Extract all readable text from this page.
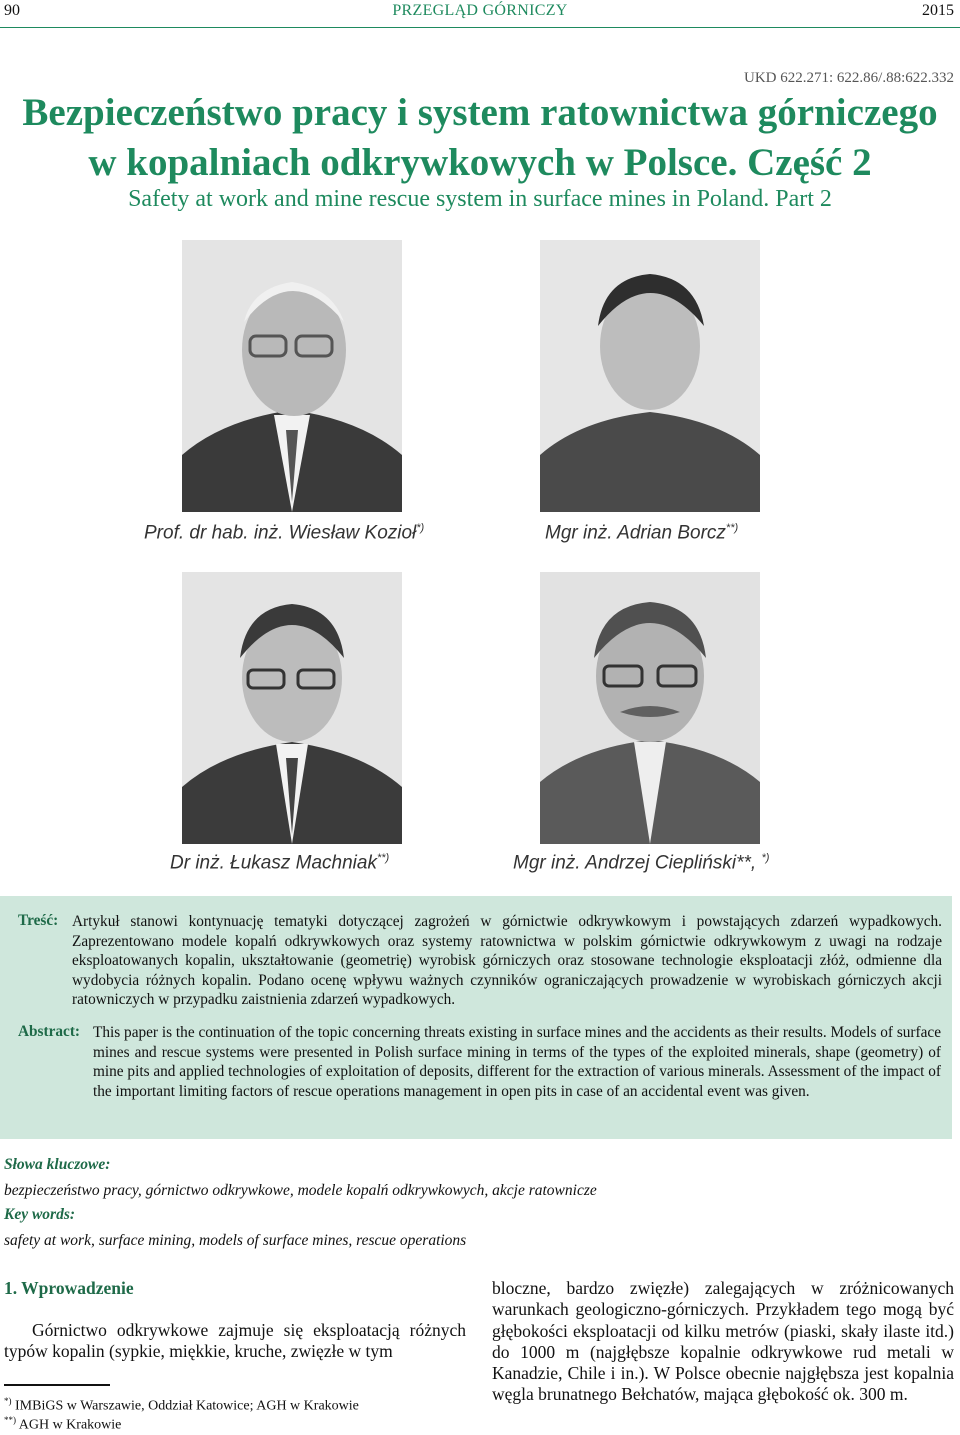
90	PRZEGLĄD GÓRNICZY	2015
UKD 622.271: 622.86/.88:622.332
Bezpieczeństwo pracy i system ratownictwa górniczego
w kopalniach odkrywkowych w Polsce. Część 2
Safety at work and mine rescue system in surface mines in Poland. Part 2
Prof. dr hab. inż. Wiesław Kozioł*)	Mgr inż. Adrian Borcz**)
Dr inż. Łukasz Machniak**)	Mgr inż. Andrzej Ciepliński**, *)
Treść: Artykuł stanowi kontynuację tematyki dotyczącej zagrożeń w górnictwie odkrywkowym i powstających zdarzeń wypadkowych. Zaprezentowano modele kopalń odkrywkowych oraz systemy ratownictwa w polskim górnictwie odkrywkowym z uwagi na rodzaje eksploatowanych kopalin, ukształtowanie (geometrię) wyrobisk górniczych oraz stosowane technologie eksploatacji złóż, odmienne dla wydobycia różnych kopalin. Podano ocenę wpływu ważnych czynników ograniczających prowadzenie w wyrobiskach górniczych akcji ratowniczych w przypadku zaistnienia zdarzeń wypadkowych.
Abstract: This paper is the continuation of the topic concerning threats existing in surface mines and the accidents as their results. Models of surface mines and rescue systems were presented in Polish surface mining in terms of the types of the exploited minerals, shape (geometry) of mine pits and applied technologies of exploitation of deposits, different for the extraction of various minerals. Assessment of the impact of the important limiting factors of rescue operations management in open pits in case of an accidental event was given.
Słowa kluczowe:
bezpieczeństwo pracy, górnictwo odkrywkowe, modele kopalń odkrywkowych, akcje ratownicze
Key words:
safety at work, surface mining, models of surface mines, rescue operations
1. Wprowadzenie
Górnictwo odkrywkowe zajmuje się eksploatacją różnych typów kopalin (sypkie, miękkie, kruche, zwięzłe w tym
bloczne, bardzo zwięzłe) zalegających w zróżnicowanych warunkach geologiczno-górniczych. Przykładem tego mogą być głębokości eksploatacji od kilku metrów (piaski, skały ilaste itd.) do 1000 m (najgłębsze kopalnie odkrywkowe rud metali w Kanadzie, Chile i in.). W Polsce obecnie najgłębsza jest kopalnia węgla brunatnego Bełchatów, mająca głębokość ok. 300 m.
*) IMBiGS w Warszawie, Oddział Katowice; AGH w Krakowie
**) AGH w Krakowie
